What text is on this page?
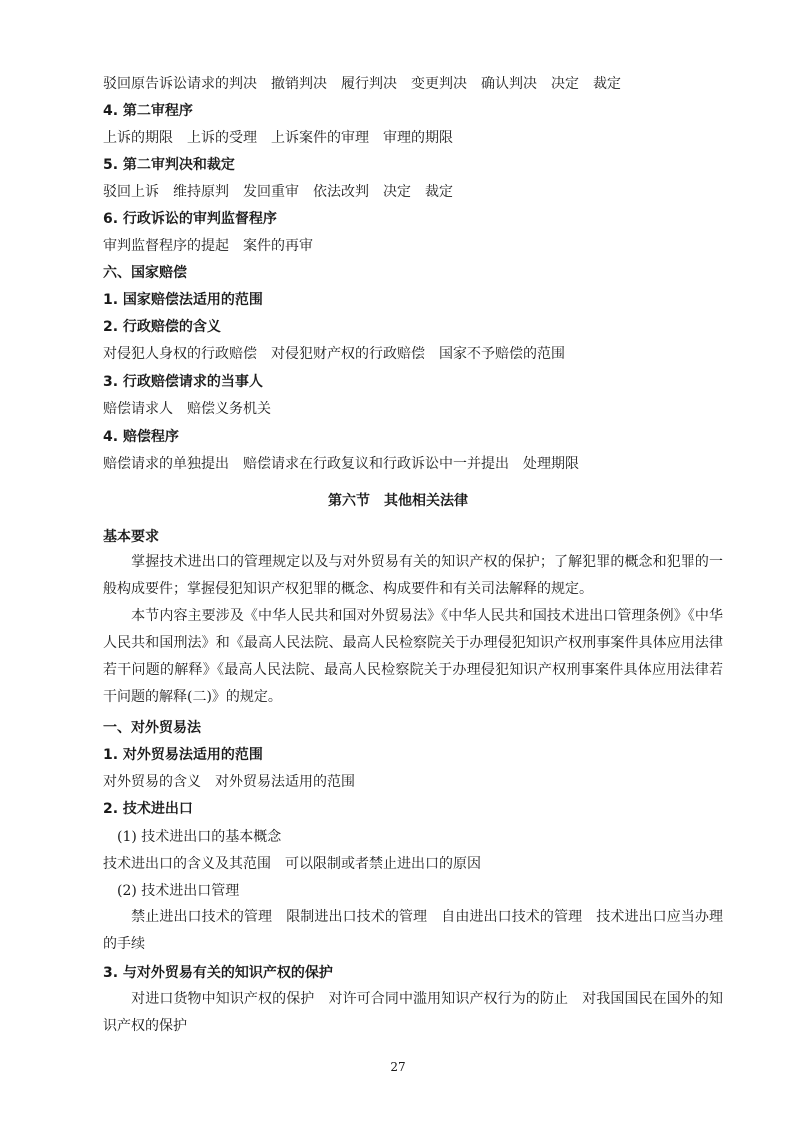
驳回原告诉讼请求的判决　撤销判决　履行判决　变更判决　确认判决　决定　裁定
4. 第二审程序
上诉的期限　上诉的受理　上诉案件的审理　审理的期限
5. 第二审判决和裁定
驳回上诉　维持原判　发回重审　依法改判　决定　裁定
6. 行政诉讼的审判监督程序
审判监督程序的提起　案件的再审
六、国家赔偿
1. 国家赔偿法适用的范围
2. 行政赔偿的含义
对侵犯人身权的行政赔偿　对侵犯财产权的行政赔偿　国家不予赔偿的范围
3. 行政赔偿请求的当事人
赔偿请求人　赔偿义务机关
4. 赔偿程序
赔偿请求的单独提出　赔偿请求在行政复议和行政诉讼中一并提出　处理期限
第六节　其他相关法律
基本要求
　　掌握技术进出口的管理规定以及与对外贸易有关的知识产权的保护；了解犯罪的概念和犯罪的一般构成要件；掌握侵犯知识产权犯罪的概念、构成要件和有关司法解释的规定。
　　本节内容主要涉及《中华人民共和国对外贸易法》《中华人民共和国技术进出口管理条例》《中华人民共和国刑法》和《最高人民法院、最高人民检察院关于办理侵犯知识产权刑事案件具体应用法律若干问题的解释》《最高人民法院、最高人民检察院关于办理侵犯知识产权刑事案件具体应用法律若干问题的解释(二)》的规定。
一、对外贸易法
1. 对外贸易法适用的范围
对外贸易的含义　对外贸易法适用的范围
2. 技术进出口
　(1) 技术进出口的基本概念
技术进出口的含义及其范围　可以限制或者禁止进出口的原因
　(2) 技术进出口管理
　　禁止进出口技术的管理　限制进出口技术的管理　自由进出口技术的管理　技术进出口应当办理的手续
3. 与对外贸易有关的知识产权的保护
　　对进口货物中知识产权的保护　对许可合同中滥用知识产权行为的防止　对我国国民在国外的知识产权的保护
27
